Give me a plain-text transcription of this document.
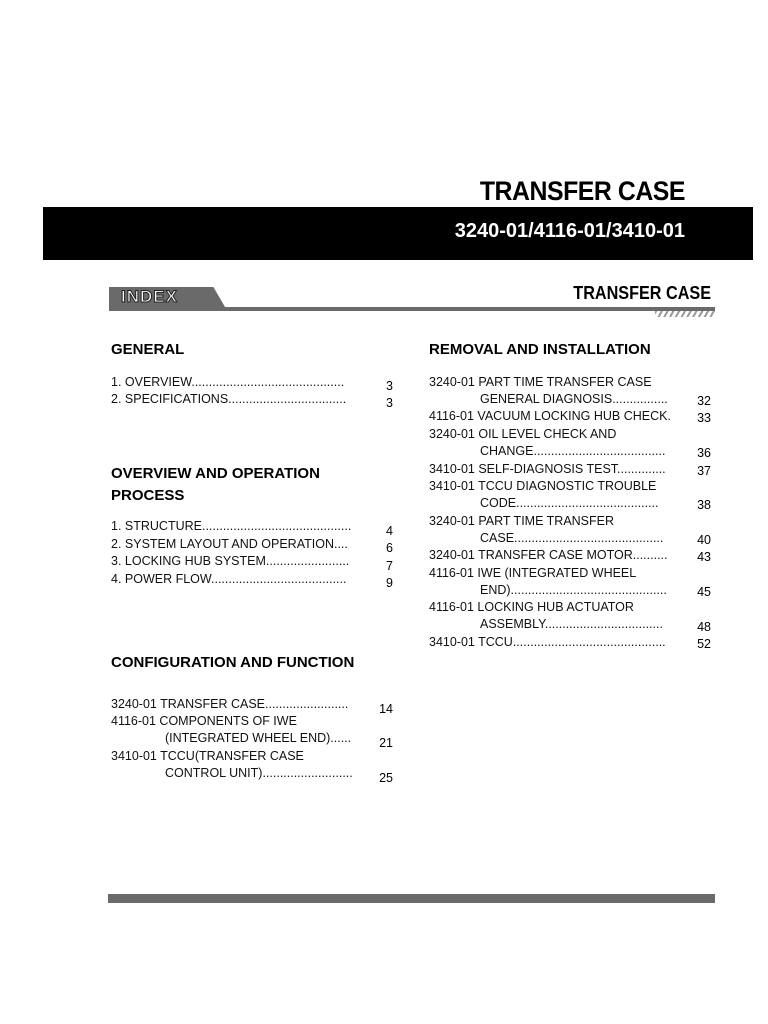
TRANSFER CASE
3240-01/4116-01/3410-01
INDEX	TRANSFER CASE
GENERAL
1. OVERVIEW............................................	3
2. SPECIFICATIONS..................................	3
OVERVIEW AND OPERATION
PROCESS
1. STRUCTURE...........................................	4
2. SYSTEM LAYOUT AND OPERATION....	6
3. LOCKING HUB SYSTEM........................	7
4. POWER FLOW.......................................	9
CONFIGURATION AND FUNCTION
3240-01 TRANSFER CASE........................	14
4116-01 COMPONENTS OF IWE
(INTEGRATED WHEEL END)......	21
3410-01 TCCU(TRANSFER CASE
CONTROL UNIT)..........................	25
REMOVAL AND INSTALLATION
3240-01 PART TIME TRANSFER CASE
GENERAL DIAGNOSIS................	32
4116-01 VACUUM LOCKING HUB CHECK.	33
3240-01 OIL LEVEL CHECK AND
CHANGE......................................	36
3410-01 SELF-DIAGNOSIS TEST..............	37
3410-01 TCCU DIAGNOSTIC TROUBLE
CODE.........................................	38
3240-01 PART TIME TRANSFER
CASE...........................................	40
3240-01 TRANSFER CASE MOTOR..........	43
4116-01 IWE (INTEGRATED WHEEL
END).............................................	45
4116-01 LOCKING HUB ACTUATOR
ASSEMBLY..................................	48
3410-01 TCCU............................................	52
